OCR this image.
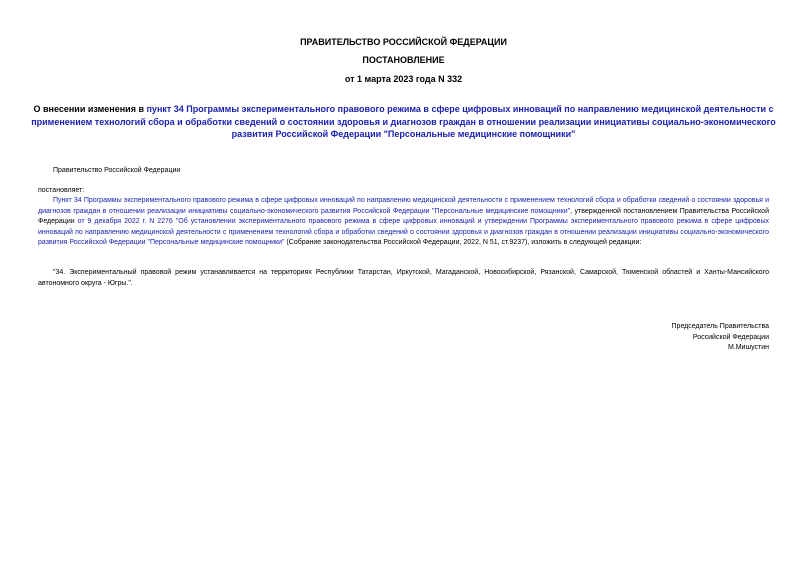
ПРАВИТЕЛЬСТВО РОССИЙСКОЙ ФЕДЕРАЦИИ
ПОСТАНОВЛЕНИЕ
от 1 марта 2023 года N 332
О внесении изменения в пункт 34 Программы экспериментального правового режима в сфере цифровых инноваций по направлению медицинской деятельности с применением технологий сбора и обработки сведений о состоянии здоровья и диагнозов граждан в отношении реализации инициативы социально-экономического развития Российской Федерации "Персональные медицинские помощники"
Правительство Российской Федерации
постановляет:
Пункт 34 Программы экспериментального правового режима в сфере цифровых инноваций по направлению медицинской деятельности с применением технологий сбора и обработки сведений о состоянии здоровья и диагнозов граждан в отношении реализации инициативы социально-экономического развития Российской Федерации "Персональные медицинские помощники", утвержденной постановлением Правительства Российской Федерации от 9 декабря 2022 г. N 2276 "Об установлении экспериментального правового режима в сфере цифровых инноваций и утверждении Программы экспериментального правового режима в сфере цифровых инноваций по направлению медицинской деятельности с применением технологий сбора и обработки сведений о состоянии здоровья и диагнозов граждан в отношении реализации инициативы социально-экономического развития Российской Федерации "Персональные медицинские помощники" (Собрание законодательства Российской Федерации, 2022, N 51, ст.9237), изложить в следующей редакции:
"34. Экспериментальный правовой режим устанавливается на территориях Республики Татарстан, Иркутской, Магаданской, Новосибирской, Рязанской, Самарской, Тюменской областей и Ханты-Мансийского автономного округа - Югры.".
Председатель Правительства
Российской Федерации
М.Мишустин
